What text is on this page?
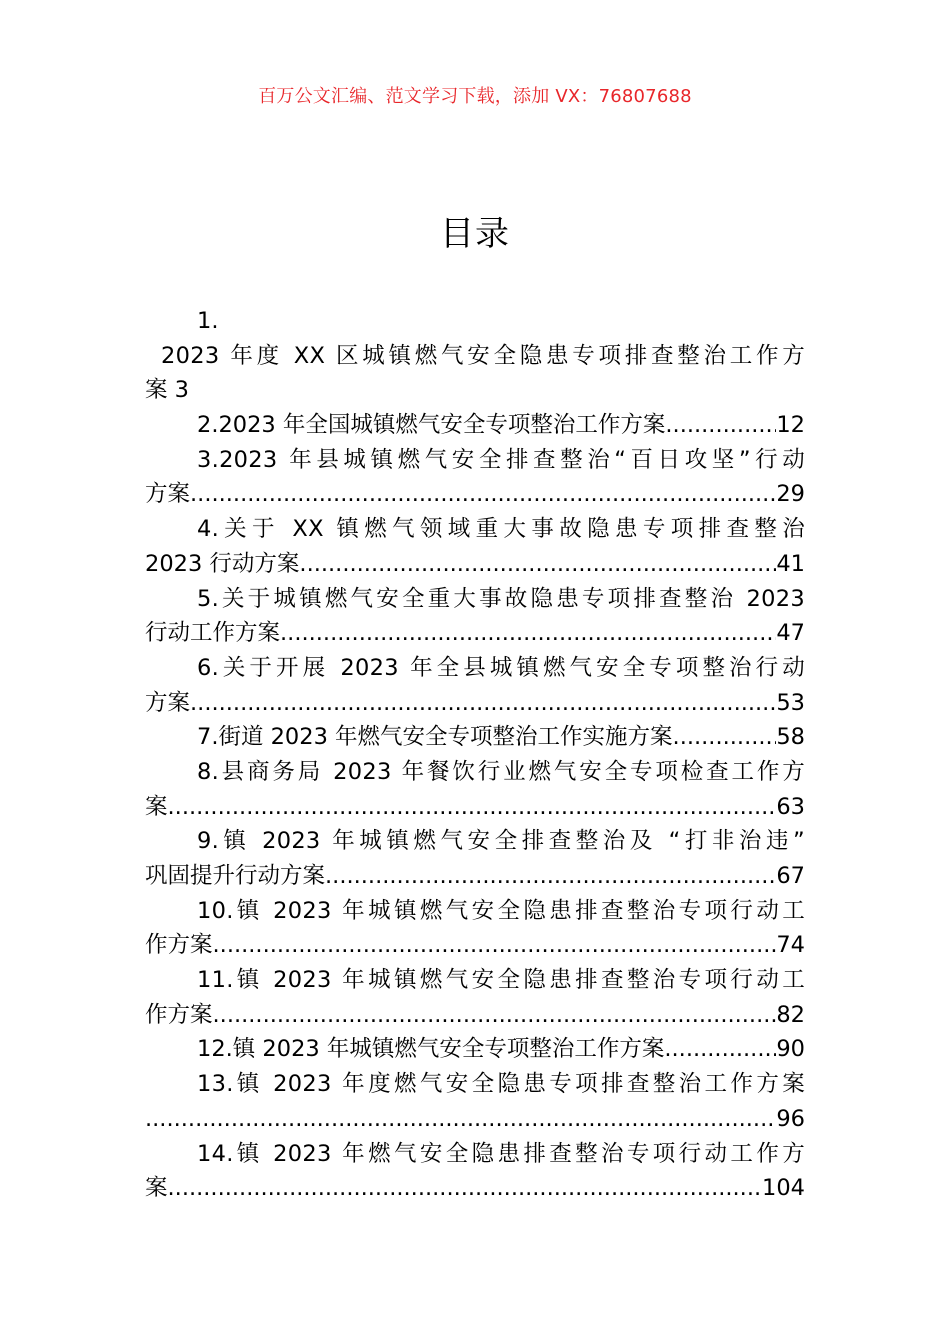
百万公文汇编、范文学习下载，添加 VX：76807688
目录
1.
2023 年度 XX 区城镇燃气安全隐患专项排查整治工作方
案 3
2.2023 年全国城镇燃气安全专项整治工作方案 .....	12
3.2023 年县城镇燃气安全排查整治“百日攻坚”行动
方案 .....	29
4.关于 XX 镇燃气领域重大事故隐患专项排查整治
2023 行动方案 .....	41
5.关于城镇燃气安全重大事故隐患专项排查整治 2023
行动工作方案 .....	47
6.关于开展 2023 年全县城镇燃气安全专项整治行动
方案 .....	53
7.街道 2023 年燃气安全专项整治工作实施方案 .....	58
8.县商务局 2023 年餐饮行业燃气安全专项检查工作方
案 .....	63
9.镇 2023 年城镇燃气安全排查整治及 “打非治违”
巩固提升行动方案 .....	67
10.镇 2023 年城镇燃气安全隐患排查整治专项行动工
作方案 .....	74
11.镇 2023 年城镇燃气安全隐患排查整治专项行动工
作方案 .....	82
12.镇 2023 年城镇燃气安全专项整治工作方案 .....	90
13.镇 2023 年度燃气安全隐患专项排查整治工作方案
.....
96
14.镇 2023 年燃气安全隐患排查整治专项行动工作方
案 .....	104
